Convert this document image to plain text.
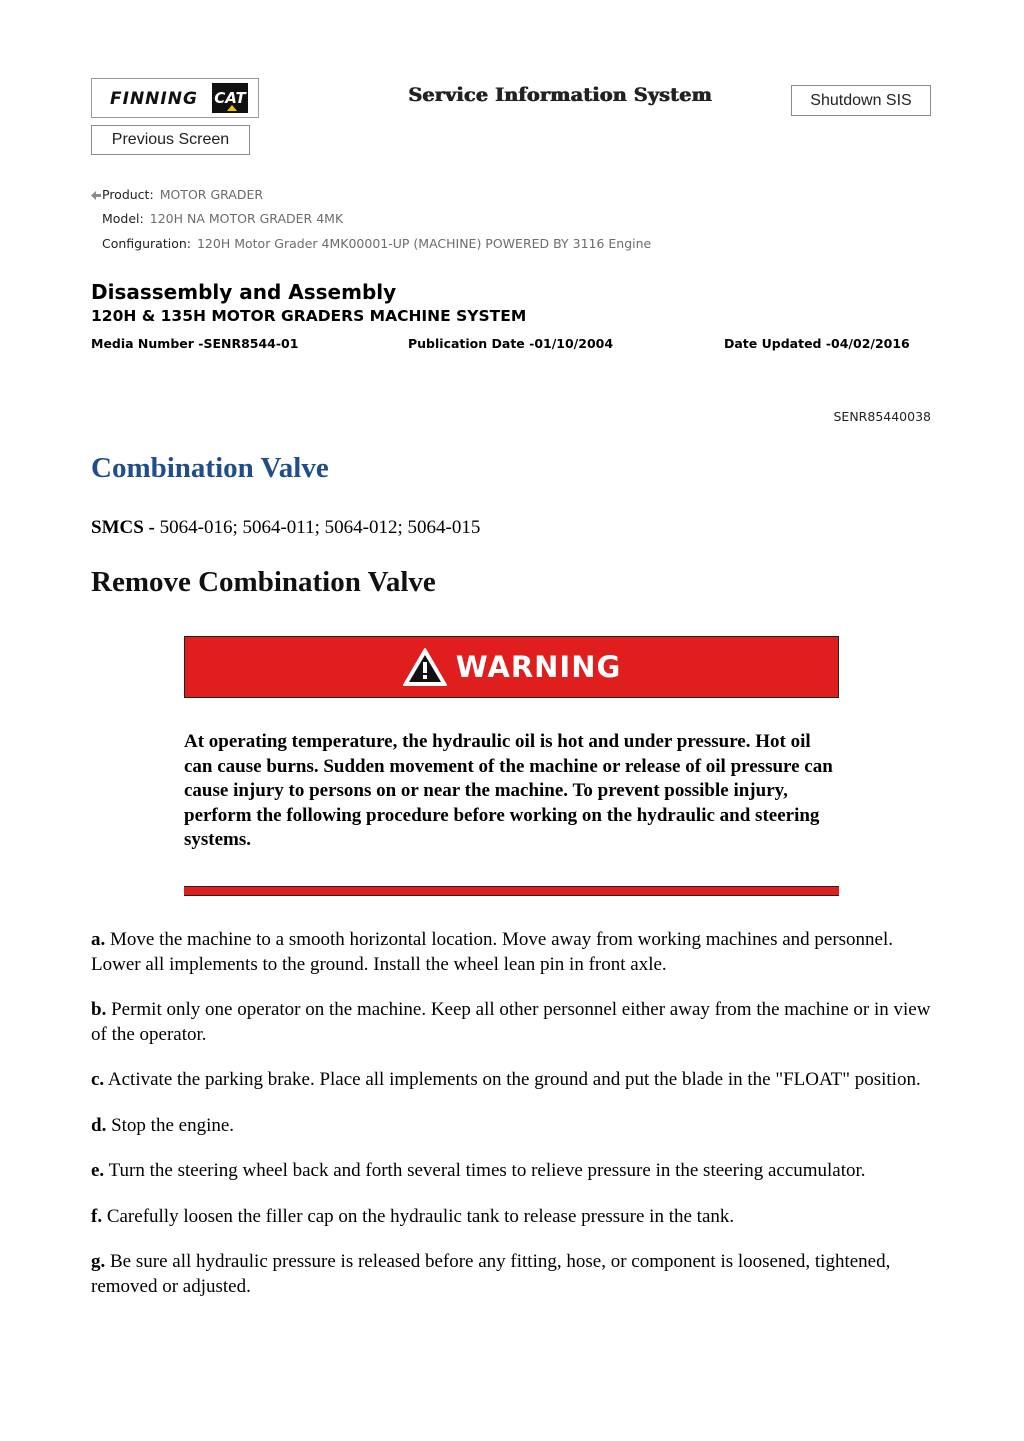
FINNING CAT	Service Information System	Shutdown SIS
Previous Screen
Product: MOTOR GRADER
Model: 120H NA MOTOR GRADER 4MK
Configuration: 120H Motor Grader 4MK00001-UP (MACHINE) POWERED BY 3116 Engine
Disassembly and Assembly
120H & 135H MOTOR GRADERS MACHINE SYSTEM
Media Number -SENR8544-01	Publication Date -01/10/2004	Date Updated -04/02/2016
SENR85440038
Combination Valve
SMCS - 5064-016; 5064-011; 5064-012; 5064-015
Remove Combination Valve
WARNING
At operating temperature, the hydraulic oil is hot and under pressure. Hot oil can cause burns. Sudden movement of the machine or release of oil pressure can cause injury to persons on or near the machine. To prevent possible injury, perform the following procedure before working on the hydraulic and steering systems.

a. Move the machine to a smooth horizontal location. Move away from working machines and personnel. Lower all implements to the ground. Install the wheel lean pin in front axle.

b. Permit only one operator on the machine. Keep all other personnel either away from the machine or in view of the operator.

c. Activate the parking brake. Place all implements on the ground and put the blade in the "FLOAT" position.

d. Stop the engine.

e. Turn the steering wheel back and forth several times to relieve pressure in the steering accumulator.

f. Carefully loosen the filler cap on the hydraulic tank to release pressure in the tank.

g. Be sure all hydraulic pressure is released before any fitting, hose, or component is loosened, tightened, removed or adjusted.
